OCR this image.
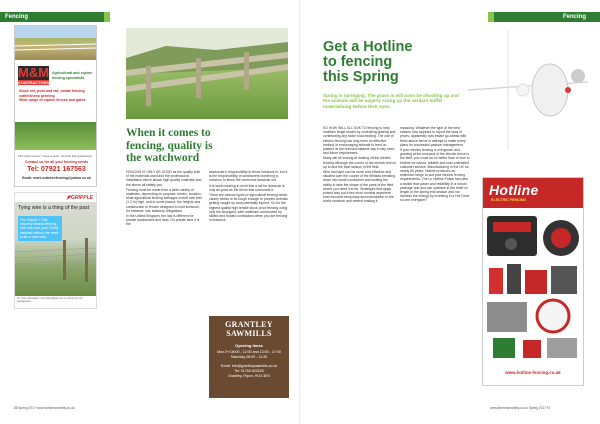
Fencing
M&M
CONTRACTORS
Agricultural and equine fencing specialists
Stock net, post and rail, estate fencing cattle/sheep penning
Wide range of equine fences and gates
First class service 7 days a week · All work fully guaranteed
Contact us for all your fencing needs
Tel: 07921 167563
Email: mark.crabtreefencing@yahoo.co.uk
◤GRIPPLE
Tying wire is a thing of the past
The Gripple T-Clip securely fastens fencing wire stan and post. Easily installed without the need to tie or knot wire.
For more information, visit www.gripple.com or contact our UK headquarters
When it comes to
fencing, quality is
the watchword

FENCING IS ONLY AS GOOD as the quality both of the materials used and the professional installation which allows high quality materials and the above all satisfy you.

Fencing must be made from a wide variety of materials, depending on purpose, terrain, location. Most agricultural fencing averages a stuff over feet (1.2 m) high, and in some places, the heights and construction of fences designed to hold livestock, for instance, has statutory obligations.

In the United Kingdom, the law is different for private landowners and land. On private land it is the

landowner's responsibility to fence livestock in, but it is the responsibility of landowners bordering a common to fence the commons livestock out.

It is worth bearing in mind that a fail for livestock is only as good as the fence that surrounds it.

There are various types of agricultural fencing which clearly needs to be tough enough to prevent animals getting caught up and potentially injured. Go for the highest quality high tensile stock proof fencing using only the strongest, safe materials constructed by skilled and trusted contractors when you are fencing in livestock.

GRANTLEY SAWMILLS
Opening times
Mon-Fri 08:00 - 12:00 and 13:00 - 17:00
Saturday 08:00 - 11:30
Email: info@grantleysawmills.co.uk
Tel: 01765 620326
Grantley, Ripon, HG4 3ES
88 Spring 2017 www.farmersmonthly.co.uk
Fencing
Get a Hotline
to fencing
this Spring
Spring is springing. The grass is will soon be shooting up and the animals will be eagerly sizing up the verdant buffet materialising before their eyes.

SO HOW WILL ALL OOK TO fencing to help maintain fenge stocks by controlling grazing and contributing any stoke road heating. The use of electric fencing has long been an effective method of encouraging animals to feed on pasture at the relevant balance day in day need and future requirement.

Many will be looking at dusting off the electric fencing although the corner of the electric tech is up to and the best season in the field.

Wire and tape can be more cost effective and situated over the course of the fieldsas breaking down into small conductors and slotting the ability to take the shape of the parts of the field where you need it to be. Strategies that apply pulsed way put a few short months anywhere even become temporary accommodation in the world moisture and reseed making it

replacing. Whatever the type of the best season now appears to report the laws of prices, apparently now estate go-ahead with fresh above farms or attempt to make every plans for successful pasture management.

If your electric fencing is overgrown and growing at the prospect of the electric fence in the field, you could do no better than to look to Hotline for robust, reliable and user-orientated customer service. Manufacturing in the UK for nearly 60 years, Hotline produces an extensive range to suit your electric fencing requirements. The Lo Hotline Pulsar fast pets a switch that power and reliability in a robust package and you can optimise in the shelf on length of the spring end season and not harness the energy by investing in a Hot Drive so one energiser?

Hotline
ELECTRIC FENCING
www.hotline-fencing.co.uk
www.farmersmonthly.co.uk Spring 2017 97
